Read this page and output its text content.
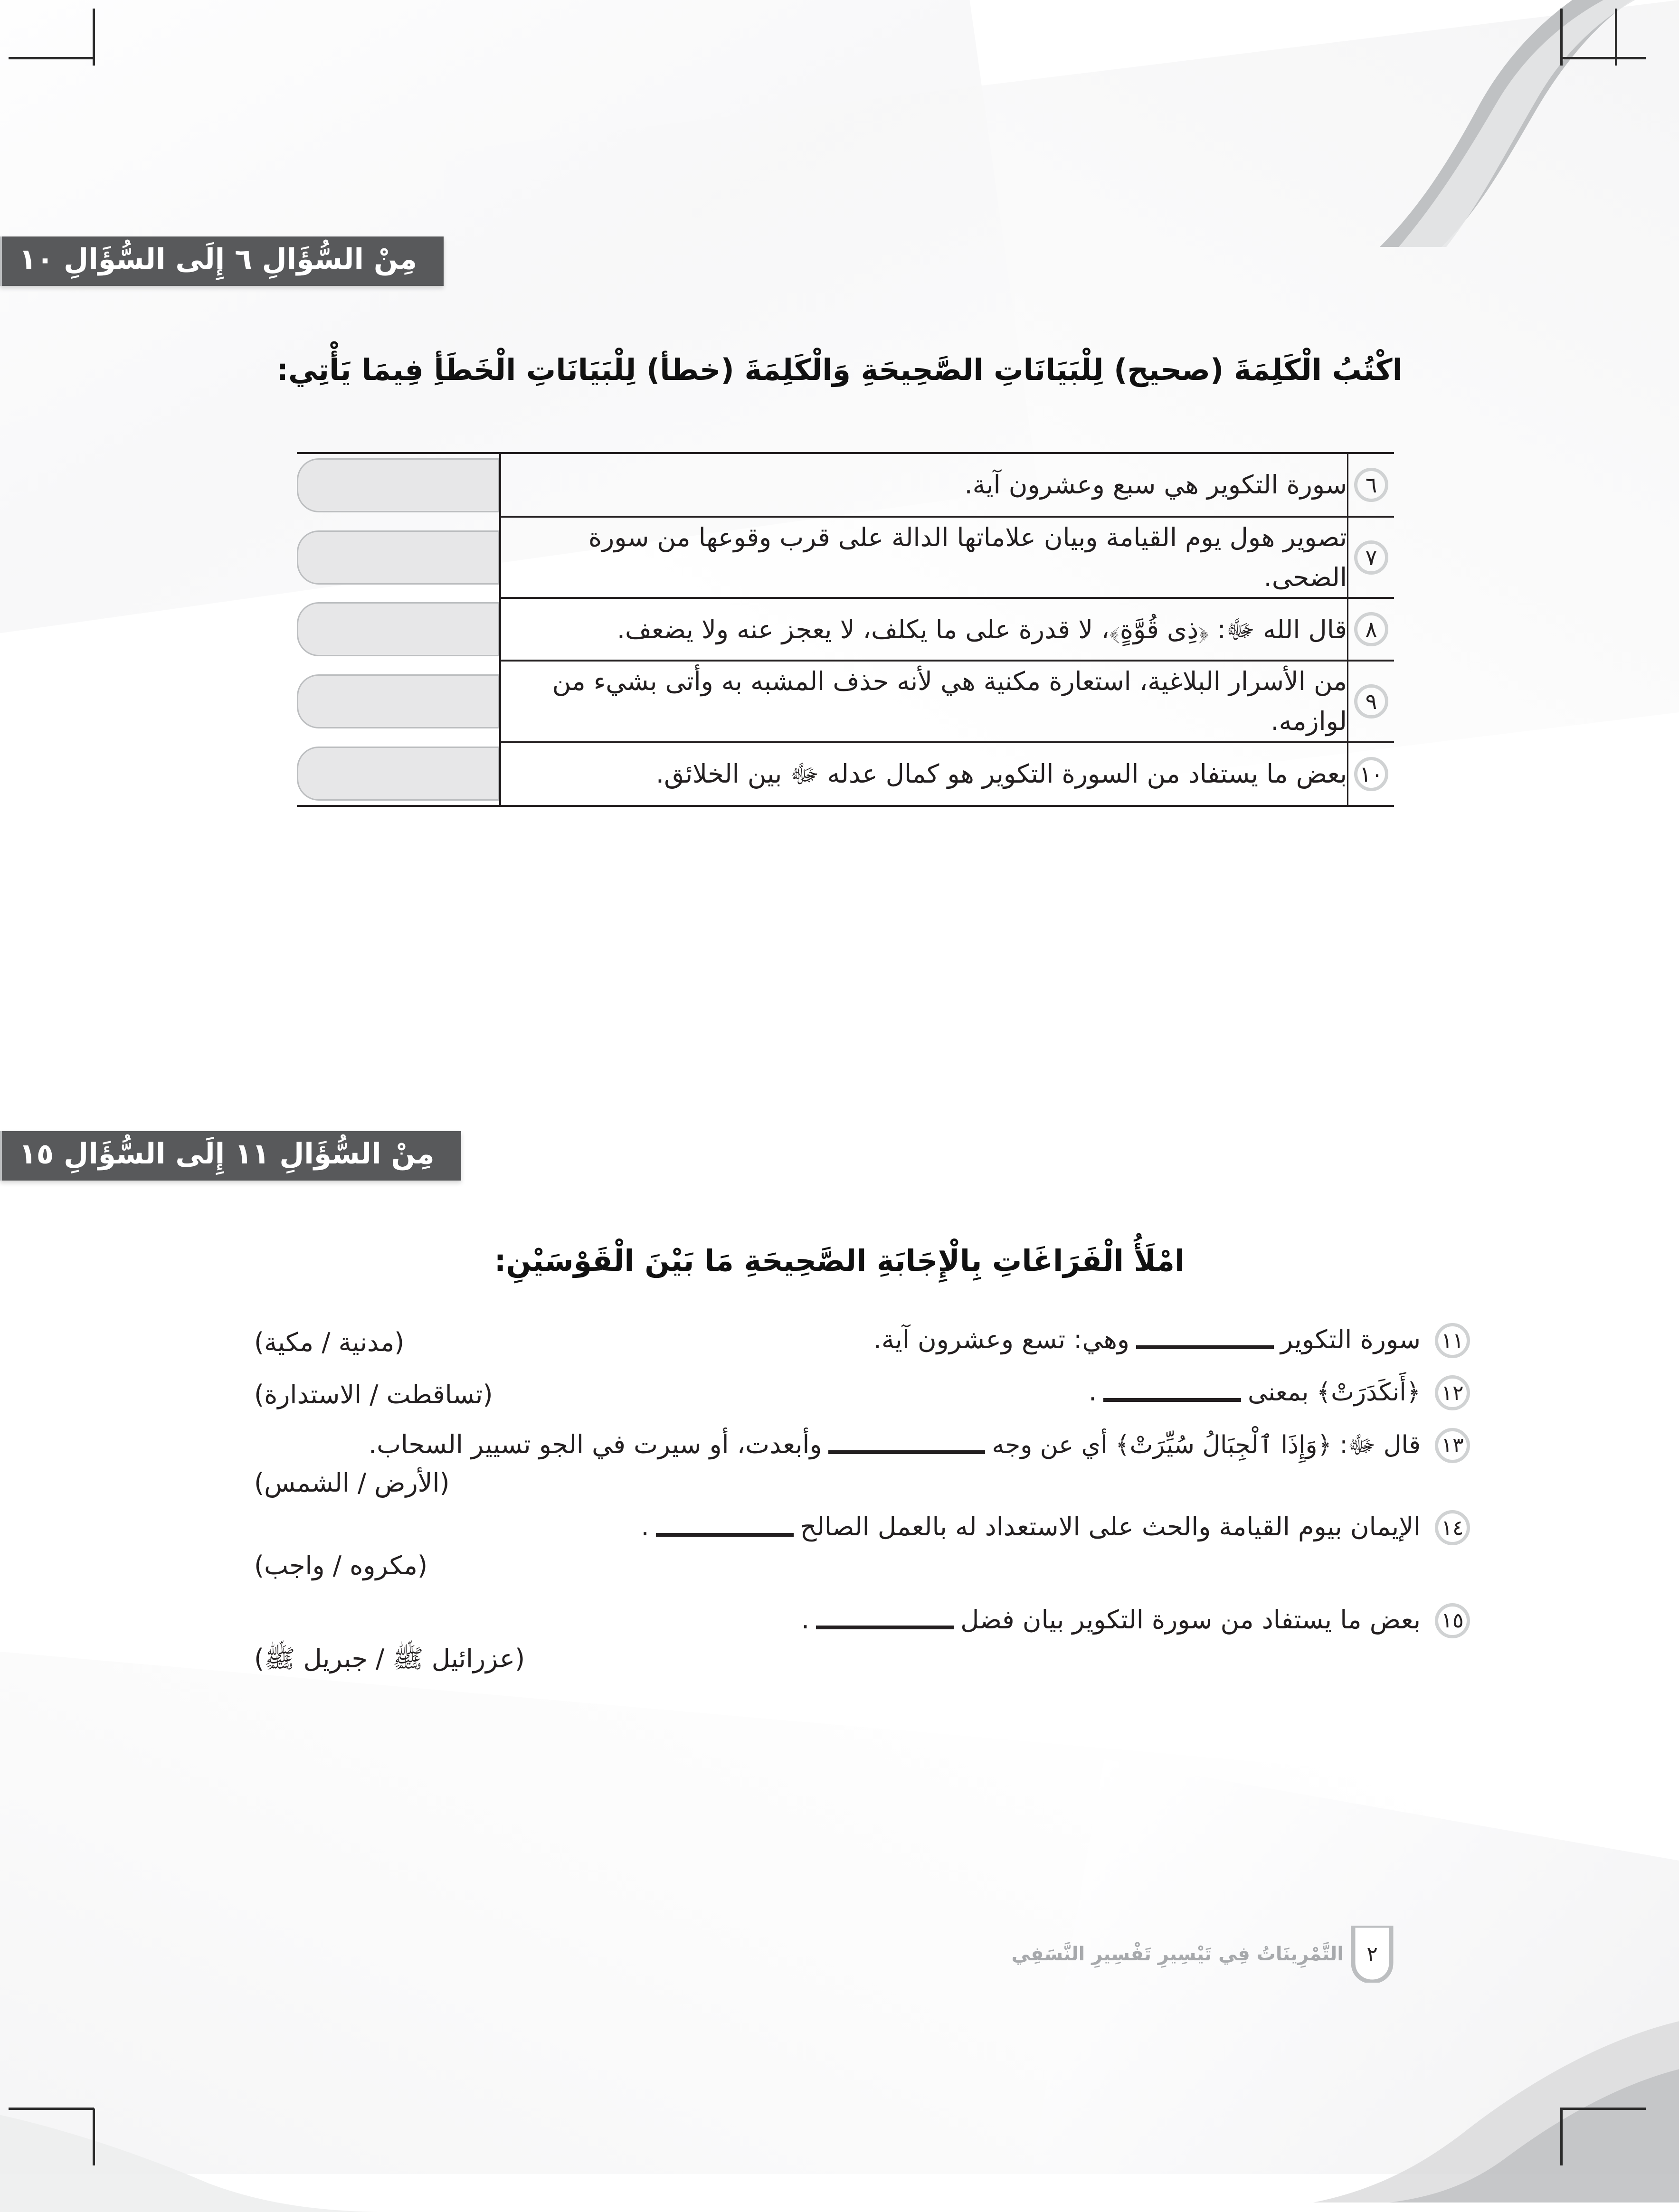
مِنْ السُّؤَالِ ٦ إِلَى السُّؤَالِ ١٠
اكْتُبُ الْكَلِمَةَ (صحيح) لِلْبَيَانَاتِ الصَّحِيحَةِ وَالْكَلِمَةَ (خطأ) لِلْبَيَانَاتِ الْخَطَأِ فِيمَا يَأْتِي:
٦	سورة التكوير هي سبع وعشرون آية.	

٧	تصوير هول يوم القيامة وبيان علاماتها الدالة على قرب وقوعها من سورة الضحى.	

٨	قال الله ﷻ: ﴿ذِى قُوَّةٍ﴾، لا قدرة على ما يكلف، لا يعجز عنه ولا يضعف.	

٩	من الأسرار البلاغية، استعارة مكنية هي لأنه حذف المشبه به وأتى بشيء من لوازمه.	

١٠	بعض ما يستفاد من السورة التكوير هو كمال عدله ﷻ بين الخلائق.	
مِنْ السُّؤَالِ ١١ إِلَى السُّؤَالِ ١٥
امْلَأُ الْفَرَاغَاتِ بِالْإِجَابَةِ الصَّحِيحَةِ مَا بَيْنَ الْقَوْسَيْنِ:
١١
سورة التكويروهي: تسع وعشرون آية.
(مدنية / مكية)
١٢
﴿أَنكَدَرَتْ﴾ بمعنى.
(تساقطت / الاستدارة)
١٣
قال ﷻ: ﴿وَإِذَا ٱلْجِبَالُ سُيِّرَتْ﴾ أي عن وجهوأبعدت، أو سيرت في الجو تسيير السحاب.
(الأرض / الشمس)
١٤
الإيمان بيوم القيامة والحث على الاستعداد له بالعمل الصالح.
(مكروه / واجب)
١٥
بعض ما يستفاد من سورة التكوير بيان فضل.
(عزرائيل ﷺ / جبريل ﷺ)
٢
التَّمْرِينَاتُ فِي تَيْسِيرِ تَفْسِيرِ النَّسَفِي
